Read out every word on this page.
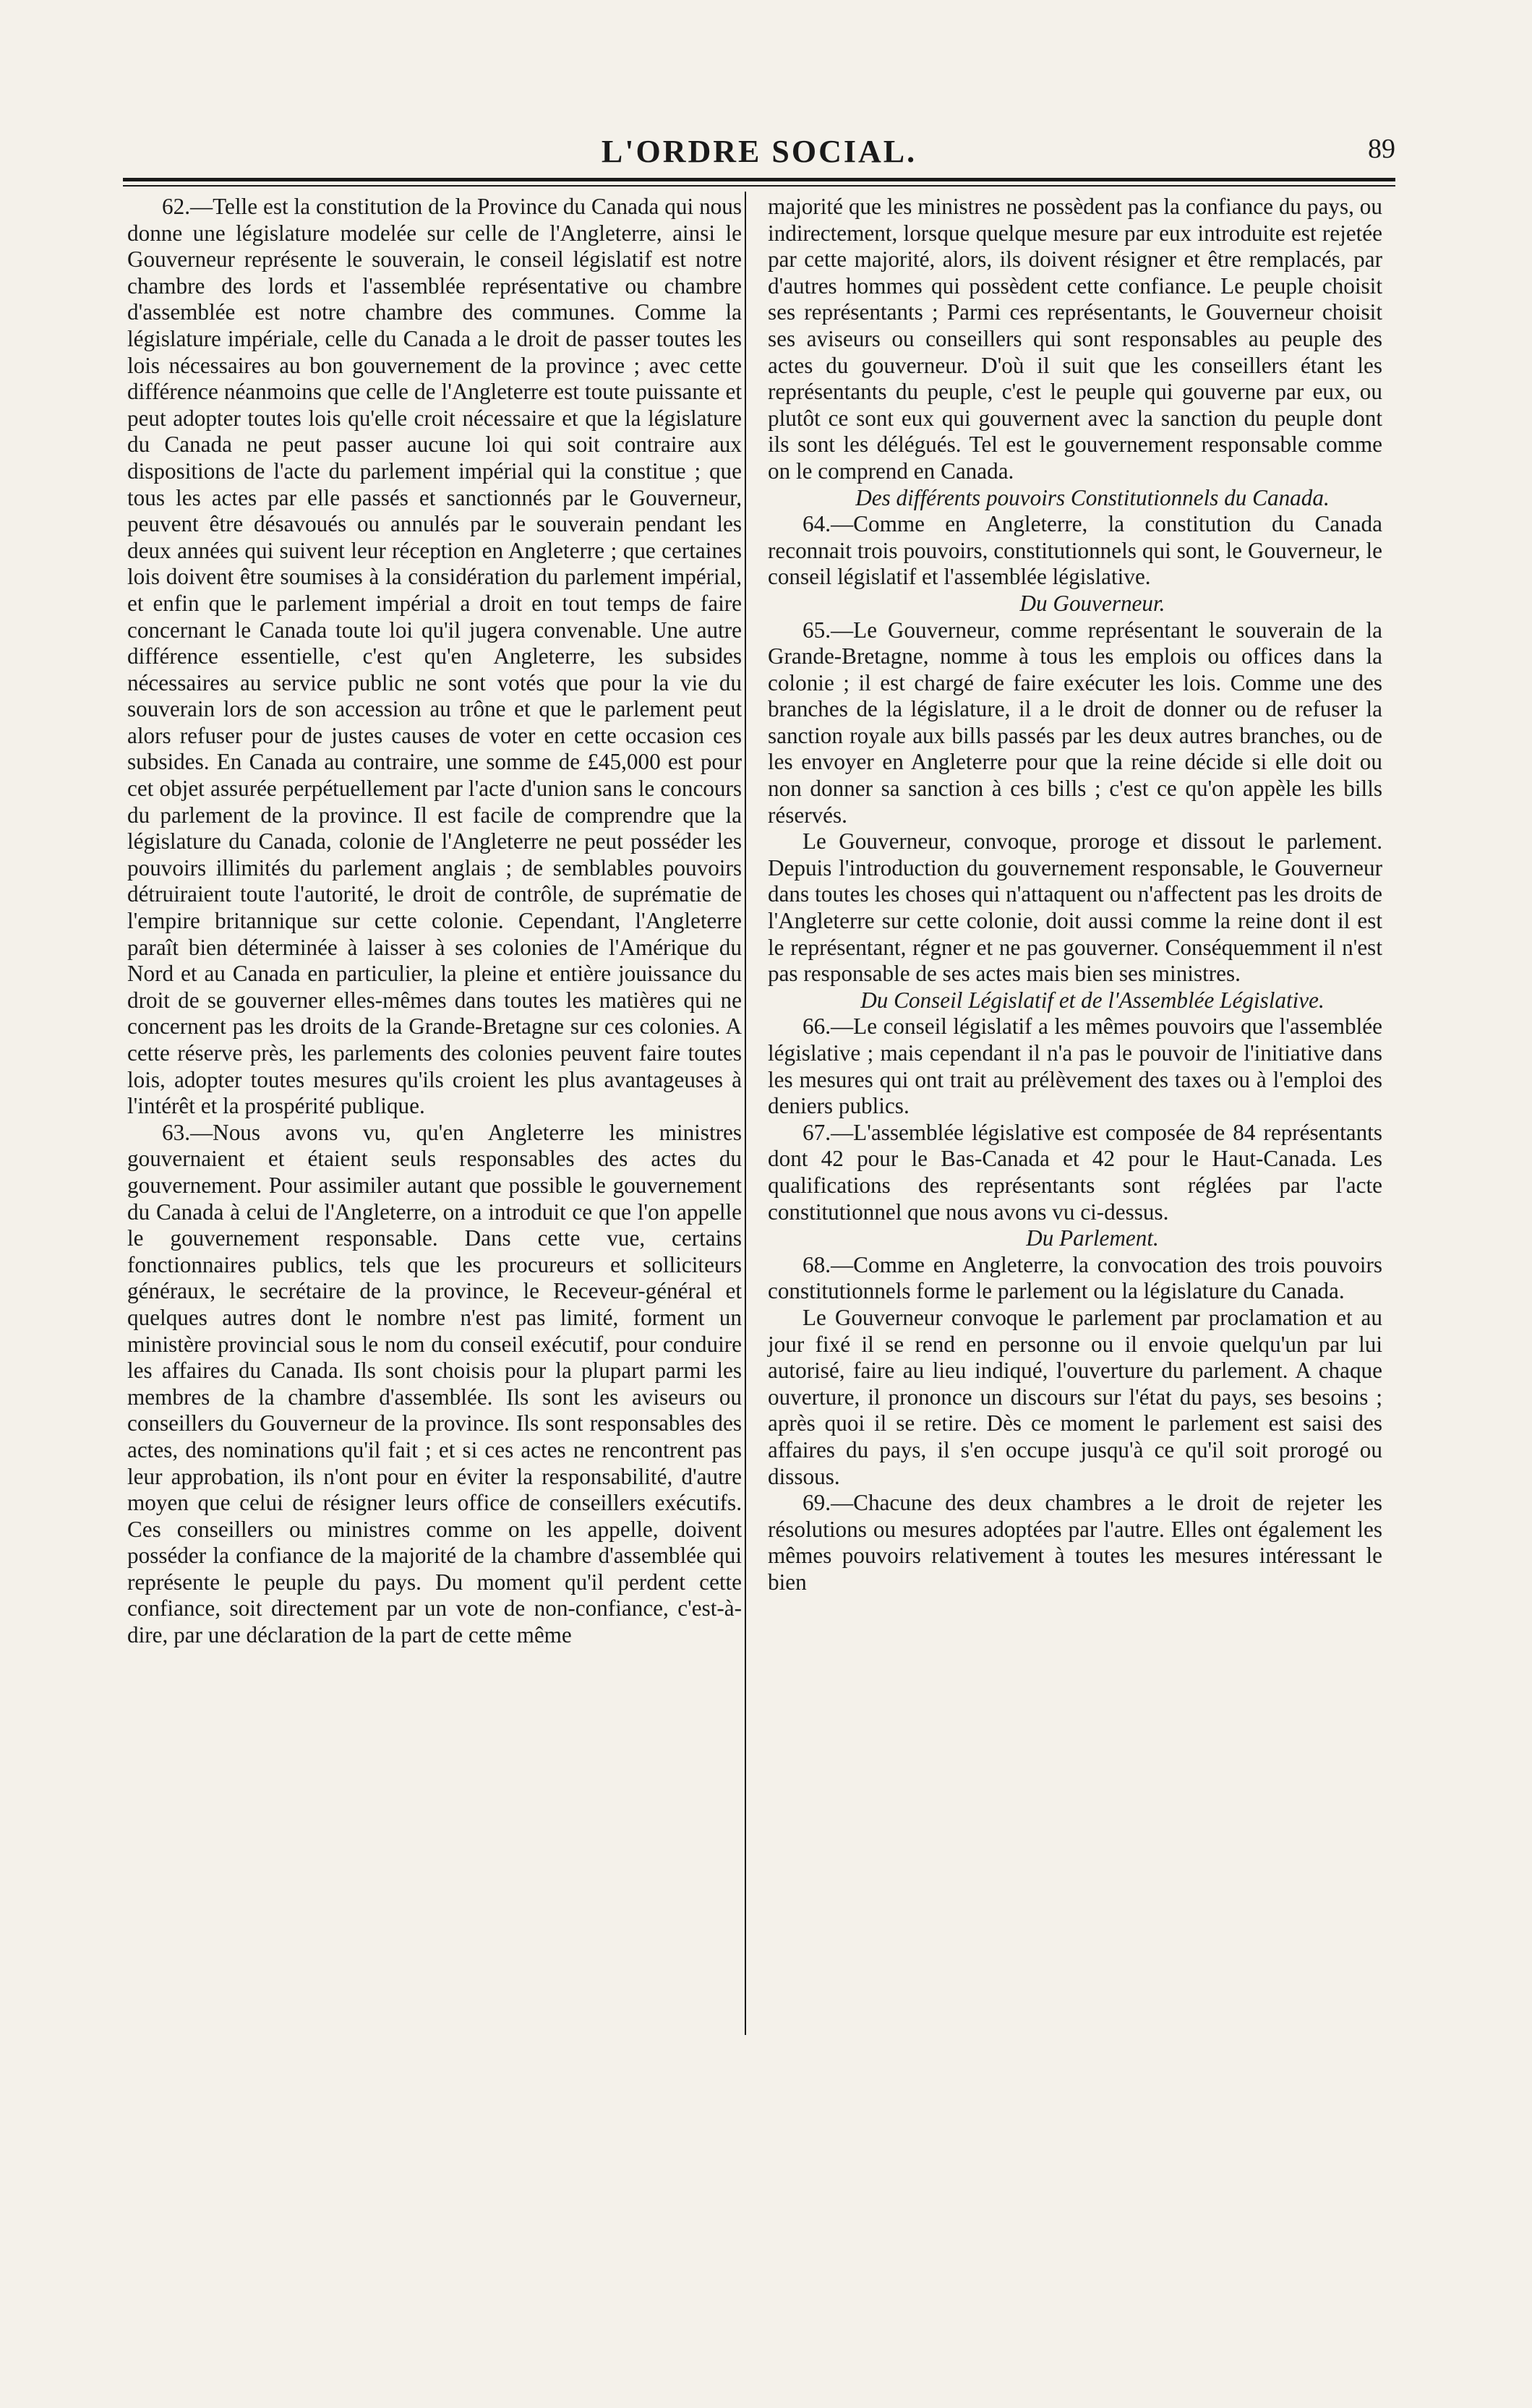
L'ORDRE SOCIAL.	89

62.—Telle est la constitution de la Province du Canada qui nous donne une législature modelée sur celle de l'Angleterre, ainsi le Gouverneur représente le souverain, le conseil législatif est notre chambre des lords et l'assemblée représentative ou chambre d'assemblée est notre chambre des communes. Comme la législature impériale, celle du Canada a le droit de passer toutes les lois nécessaires au bon gouvernement de la province ; avec cette différence néanmoins que celle de l'Angleterre est toute puissante et peut adopter toutes lois qu'elle croit nécessaire et que la législature du Canada ne peut passer aucune loi qui soit contraire aux dispositions de l'acte du parlement impérial qui la constitue ; que tous les actes par elle passés et sanctionnés par le Gouverneur, peuvent être désavoués ou annulés par le souverain pendant les deux années qui suivent leur réception en Angleterre ; que certaines lois doivent être soumises à la considération du parlement impérial, et enfin que le parlement impérial a droit en tout temps de faire concernant le Canada toute loi qu'il jugera convenable. Une autre différence essentielle, c'est qu'en Angleterre, les subsides nécessaires au service public ne sont votés que pour la vie du souverain lors de son accession au trône et que le parlement peut alors refuser pour de justes causes de voter en cette occasion ces subsides. En Canada au contraire, une somme de £45,000 est pour cet objet assurée perpétuellement par l'acte d'union sans le concours du parlement de la province. Il est facile de comprendre que la législature du Canada, colonie de l'Angleterre ne peut posséder les pouvoirs illimités du parlement anglais ; de semblables pouvoirs détruiraient toute l'autorité, le droit de contrôle, de suprématie de l'empire britannique sur cette colonie. Cependant, l'Angleterre paraît bien déterminée à laisser à ses colonies de l'Amérique du Nord et au Canada en particulier, la pleine et entière jouissance du droit de se gouverner elles-mêmes dans toutes les matières qui ne concernent pas les droits de la Grande-Bretagne sur ces colonies. A cette réserve près, les parlements des colonies peuvent faire toutes lois, adopter toutes mesures qu'ils croient les plus avantageuses à l'intérêt et la prospérité publique.

63.—Nous avons vu, qu'en Angleterre les ministres gouvernaient et étaient seuls responsables des actes du gouvernement. Pour assimiler autant que possible le gouvernement du Canada à celui de l'Angleterre, on a introduit ce que l'on appelle le gouvernement responsable. Dans cette vue, certains fonctionnaires publics, tels que les procureurs et solliciteurs généraux, le secrétaire de la province, le Receveur-général et quelques autres dont le nombre n'est pas limité, forment un ministère provincial sous le nom du conseil exécutif, pour conduire les affaires du Canada. Ils sont choisis pour la plupart parmi les membres de la chambre d'assemblée. Ils sont les aviseurs ou conseillers du Gouverneur de la province. Ils sont responsables des actes, des nominations qu'il fait ; et si ces actes ne rencontrent pas leur approbation, ils n'ont pour en éviter la responsabilité, d'autre moyen que celui de résigner leurs office de conseillers exécutifs. Ces conseillers ou ministres comme on les appelle, doivent posséder la confiance de la majorité de la chambre d'assemblée qui représente le peuple du pays. Du moment qu'il perdent cette confiance, soit directement par un vote de non-confiance, c'est-à-dire, par une déclaration de la part de cette même

majorité que les ministres ne possèdent pas la confiance du pays, ou indirectement, lorsque quelque mesure par eux introduite est rejetée par cette majorité, alors, ils doivent résigner et être remplacés, par d'autres hommes qui possèdent cette confiance. Le peuple choisit ses représentants ; Parmi ces représentants, le Gouverneur choisit ses aviseurs ou conseillers qui sont responsables au peuple des actes du gouverneur. D'où il suit que les conseillers étant les représentants du peuple, c'est le peuple qui gouverne par eux, ou plutôt ce sont eux qui gouvernent avec la sanction du peuple dont ils sont les délégués. Tel est le gouvernement responsable comme on le comprend en Canada.

Des différents pouvoirs Constitutionnels du Canada.

64.—Comme en Angleterre, la constitution du Canada reconnait trois pouvoirs, constitutionnels qui sont, le Gouverneur, le conseil législatif et l'assemblée législative.

Du Gouverneur.

65.—Le Gouverneur, comme représentant le souverain de la Grande-Bretagne, nomme à tous les emplois ou offices dans la colonie ; il est chargé de faire exécuter les lois. Comme une des branches de la législature, il a le droit de donner ou de refuser la sanction royale aux bills passés par les deux autres branches, ou de les envoyer en Angleterre pour que la reine décide si elle doit ou non donner sa sanction à ces bills ; c'est ce qu'on appèle les bills réservés.

Le Gouverneur, convoque, proroge et dissout le parlement. Depuis l'introduction du gouvernement responsable, le Gouverneur dans toutes les choses qui n'attaquent ou n'affectent pas les droits de l'Angleterre sur cette colonie, doit aussi comme la reine dont il est le représentant, régner et ne pas gouverner. Conséquemment il n'est pas responsable de ses actes mais bien ses ministres.

Du Conseil Législatif et de l'Assemblée Législative.

66.—Le conseil législatif a les mêmes pouvoirs que l'assemblée législative ; mais cependant il n'a pas le pouvoir de l'initiative dans les mesures qui ont trait au prélèvement des taxes ou à l'emploi des deniers publics.

67.—L'assemblée législative est composée de 84 représentants dont 42 pour le Bas-Canada et 42 pour le Haut-Canada. Les qualifications des représentants sont réglées par l'acte constitutionnel que nous avons vu ci-dessus.

Du Parlement.

68.—Comme en Angleterre, la convocation des trois pouvoirs constitutionnels forme le parlement ou la législature du Canada.

Le Gouverneur convoque le parlement par proclamation et au jour fixé il se rend en personne ou il envoie quelqu'un par lui autorisé, faire au lieu indiqué, l'ouverture du parlement. A chaque ouverture, il prononce un discours sur l'état du pays, ses besoins ; après quoi il se retire. Dès ce moment le parlement est saisi des affaires du pays, il s'en occupe jusqu'à ce qu'il soit prorogé ou dissous.

69.—Chacune des deux chambres a le droit de rejeter les résolutions ou mesures adoptées par l'autre. Elles ont également les mêmes pouvoirs relativement à toutes les mesures intéressant le bien
